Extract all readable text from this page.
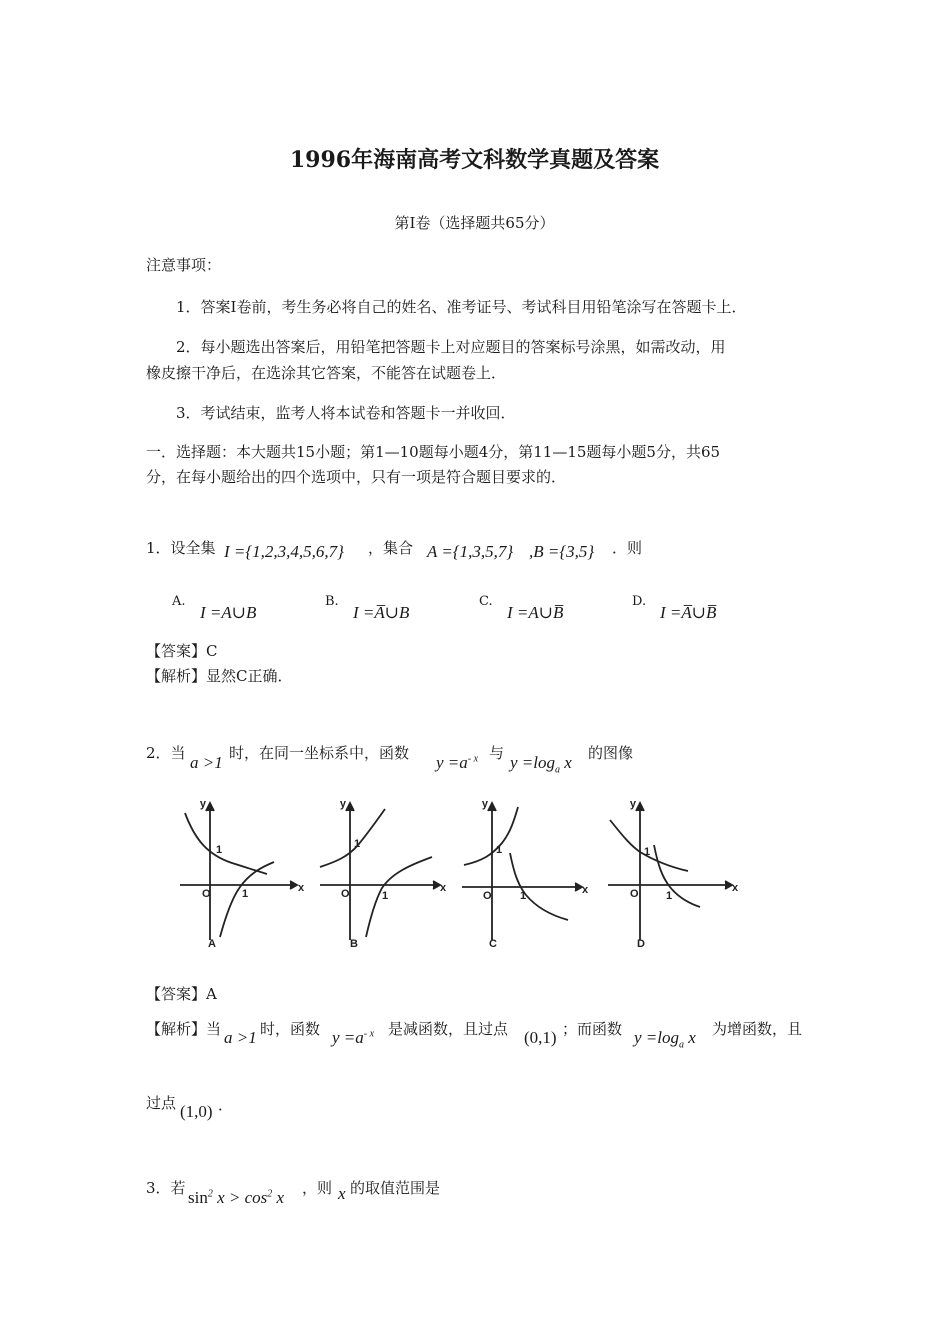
1996年海南高考文科数学真题及答案
第Ⅰ卷（选择题共65分）
注意事项：
1．答案Ⅰ卷前，考生务必将自己的姓名、准考证号、考试科目用铅笔涂写在答题卡上．
2．每小题选出答案后，用铅笔把答题卡上对应题目的答案标号涂黑，如需改动，用
橡皮擦干净后，在选涂其它答案，不能答在试题卷上．
3．考试结束，监考人将本试卷和答题卡一并收回．
一．选择题：本大题共15小题；第1—10题每小题4分，第11—15题每小题5分，共65
分，在每小题给出的四个选项中，只有一项是符合题目要求的．
1．设全集 I ={1,2,3,4,5,6,7} ，集合 A ={1,3,5,7} ,B ={3,5} ．则
A.
I =A∪B
B.
I =A̅∪B
C.
I =A∪B̅
D.
I =A̅∪B̅
【答案】C
【解析】显然C正确．
2．当 a >1 时，在同一坐标系中，函数 $y =a^{- x}$ 与 $y =\log_a$ x 的图像
y
x
O
1
1
A
y
x
O
1
1
B
y
x
O
1
1
C
y
x
O
1
1
D
【答案】A
【解析】当 a >1 时，函数 $y =a^{- x}$ 是减函数，且过点 (0,1) ；而函数 $y =\log_a$ x 为增函数，且
过点 (1,0) ．
3．若 $\sin^2 x > \cos^2 x$ ，则 x 的取值范围是
